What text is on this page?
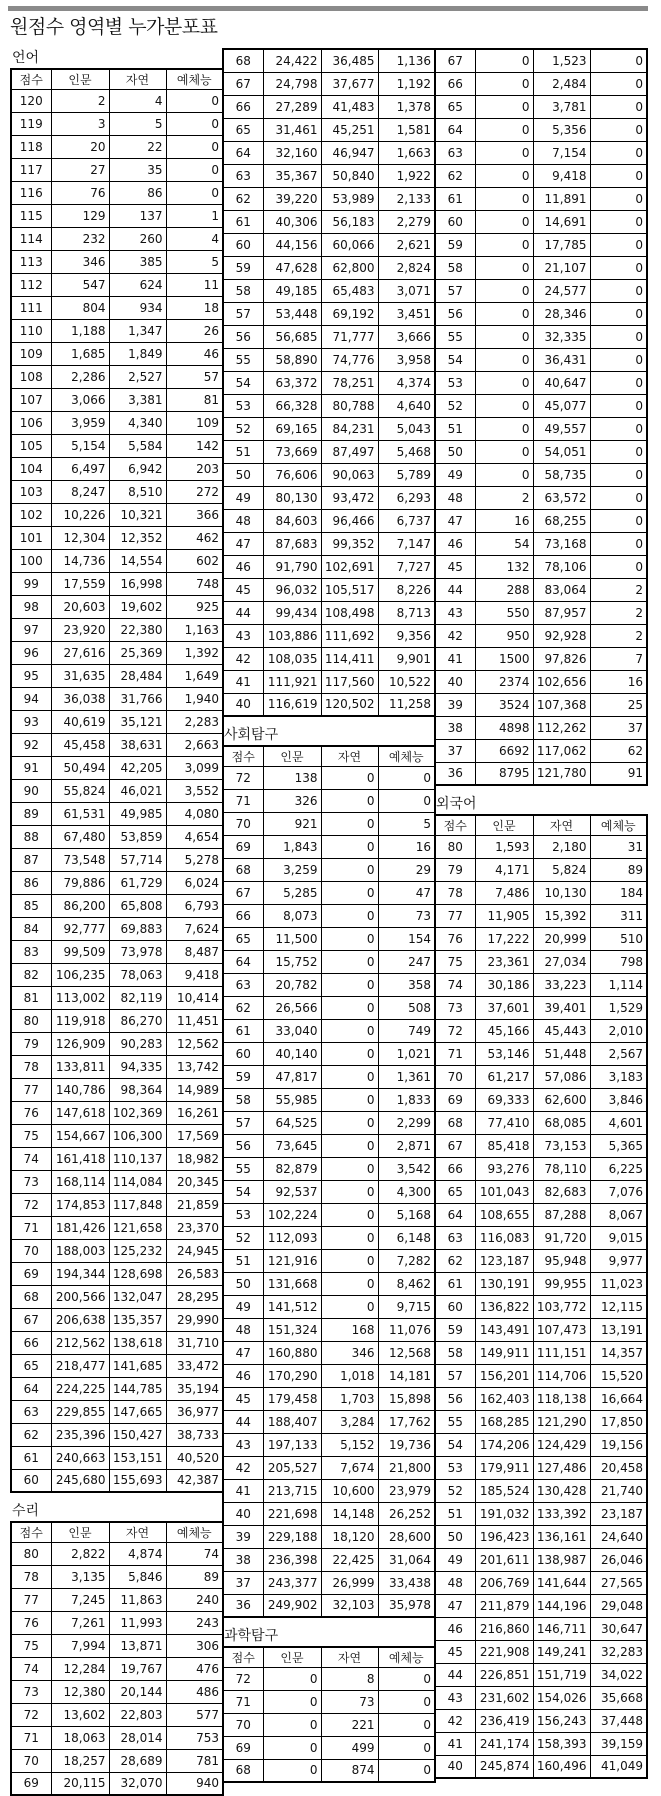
원점수 영역별 누가분포표
언어
점수	인문	자연	예체능
120	2	4	0
119	3	5	0
118	20	22	0
117	27	35	0
116	76	86	0
115	129	137	1
114	232	260	4
113	346	385	5
112	547	624	11
111	804	934	18
110	1,188	1,347	26
109	1,685	1,849	46
108	2,286	2,527	57
107	3,066	3,381	81
106	3,959	4,340	109
105	5,154	5,584	142
104	6,497	6,942	203
103	8,247	8,510	272
102	10,226	10,321	366
101	12,304	12,352	462
100	14,736	14,554	602
99	17,559	16,998	748
98	20,603	19,602	925
97	23,920	22,380	1,163
96	27,616	25,369	1,392
95	31,635	28,484	1,649
94	36,038	31,766	1,940
93	40,619	35,121	2,283
92	45,458	38,631	2,663
91	50,494	42,205	3,099
90	55,824	46,021	3,552
89	61,531	49,985	4,080
88	67,480	53,859	4,654
87	73,548	57,714	5,278
86	79,886	61,729	6,024
85	86,200	65,808	6,793
84	92,777	69,883	7,624
83	99,509	73,978	8,487
82	106,235	78,063	9,418
81	113,002	82,119	10,414
80	119,918	86,270	11,451
79	126,909	90,283	12,562
78	133,811	94,335	13,742
77	140,786	98,364	14,989
76	147,618	102,369	16,261
75	154,667	106,300	17,569
74	161,418	110,137	18,982
73	168,114	114,084	20,345
72	174,853	117,848	21,859
71	181,426	121,658	23,370
70	188,003	125,232	24,945
69	194,344	128,698	26,583
68	200,566	132,047	28,295
67	206,638	135,357	29,990
66	212,562	138,618	31,710
65	218,477	141,685	33,472
64	224,225	144,785	35,194
63	229,855	147,665	36,977
62	235,396	150,427	38,733
61	240,663	153,151	40,520
60	245,680	155,693	42,387
수리
점수	인문	자연	예체능
80	2,822	4,874	74
78	3,135	5,846	89
77	7,245	11,863	240
76	7,261	11,993	243
75	7,994	13,871	306
74	12,284	19,767	476
73	12,380	20,144	486
72	13,602	22,803	577
71	18,063	28,014	753
70	18,257	28,689	781
69	20,115	32,070	940
68	24,422	36,485	1,136
67	24,798	37,677	1,192
66	27,289	41,483	1,378
65	31,461	45,251	1,581
64	32,160	46,947	1,663
63	35,367	50,840	1,922
62	39,220	53,989	2,133
61	40,306	56,183	2,279
60	44,156	60,066	2,621
59	47,628	62,800	2,824
58	49,185	65,483	3,071
57	53,448	69,192	3,451
56	56,685	71,777	3,666
55	58,890	74,776	3,958
54	63,372	78,251	4,374
53	66,328	80,788	4,640
52	69,165	84,231	5,043
51	73,669	87,497	5,468
50	76,606	90,063	5,789
49	80,130	93,472	6,293
48	84,603	96,466	6,737
47	87,683	99,352	7,147
46	91,790	102,691	7,727
45	96,032	105,517	8,226
44	99,434	108,498	8,713
43	103,886	111,692	9,356
42	108,035	114,411	9,901
41	111,921	117,560	10,522
40	116,619	120,502	11,258
사회탐구
점수	인문	자연	예체능
72	138	0	0
71	326	0	0
70	921	0	5
69	1,843	0	16
68	3,259	0	29
67	5,285	0	47
66	8,073	0	73
65	11,500	0	154
64	15,752	0	247
63	20,782	0	358
62	26,566	0	508
61	33,040	0	749
60	40,140	0	1,021
59	47,817	0	1,361
58	55,985	0	1,833
57	64,525	0	2,299
56	73,645	0	2,871
55	82,879	0	3,542
54	92,537	0	4,300
53	102,224	0	5,168
52	112,093	0	6,148
51	121,916	0	7,282
50	131,668	0	8,462
49	141,512	0	9,715
48	151,324	168	11,076
47	160,880	346	12,568
46	170,290	1,018	14,181
45	179,458	1,703	15,898
44	188,407	3,284	17,762
43	197,133	5,152	19,736
42	205,527	7,674	21,800
41	213,715	10,600	23,979
40	221,698	14,148	26,252
39	229,188	18,120	28,600
38	236,398	22,425	31,064
37	243,377	26,999	33,438
36	249,902	32,103	35,978
과학탐구
점수	인문	자연	예체능
72	0	8	0
71	0	73	0
70	0	221	0
69	0	499	0
68	0	874	0
67	0	1,523	0
66	0	2,484	0
65	0	3,781	0
64	0	5,356	0
63	0	7,154	0
62	0	9,418	0
61	0	11,891	0
60	0	14,691	0
59	0	17,785	0
58	0	21,107	0
57	0	24,577	0
56	0	28,346	0
55	0	32,335	0
54	0	36,431	0
53	0	40,647	0
52	0	45,077	0
51	0	49,557	0
50	0	54,051	0
49	0	58,735	0
48	2	63,572	0
47	16	68,255	0
46	54	73,168	0
45	132	78,106	0
44	288	83,064	2
43	550	87,957	2
42	950	92,928	2
41	1500	97,826	7
40	2374	102,656	16
39	3524	107,368	25
38	4898	112,262	37
37	6692	117,062	62
36	8795	121,780	91
외국어
점수	인문	자연	예체능
80	1,593	2,180	31
79	4,171	5,824	89
78	7,486	10,130	184
77	11,905	15,392	311
76	17,222	20,999	510
75	23,361	27,034	798
74	30,186	33,223	1,114
73	37,601	39,401	1,529
72	45,166	45,443	2,010
71	53,146	51,448	2,567
70	61,217	57,086	3,183
69	69,333	62,600	3,846
68	77,410	68,085	4,601
67	85,418	73,153	5,365
66	93,276	78,110	6,225
65	101,043	82,683	7,076
64	108,655	87,288	8,067
63	116,083	91,720	9,015
62	123,187	95,948	9,977
61	130,191	99,955	11,023
60	136,822	103,772	12,115
59	143,491	107,473	13,191
58	149,911	111,151	14,357
57	156,201	114,706	15,520
56	162,403	118,138	16,664
55	168,285	121,290	17,850
54	174,206	124,429	19,156
53	179,911	127,486	20,458
52	185,524	130,428	21,740
51	191,032	133,392	23,187
50	196,423	136,161	24,640
49	201,611	138,987	26,046
48	206,769	141,644	27,565
47	211,879	144,196	29,048
46	216,860	146,711	30,647
45	221,908	149,241	32,283
44	226,851	151,719	34,022
43	231,602	154,026	35,668
42	236,419	156,243	37,448
41	241,174	158,393	39,159
40	245,874	160,496	41,049
